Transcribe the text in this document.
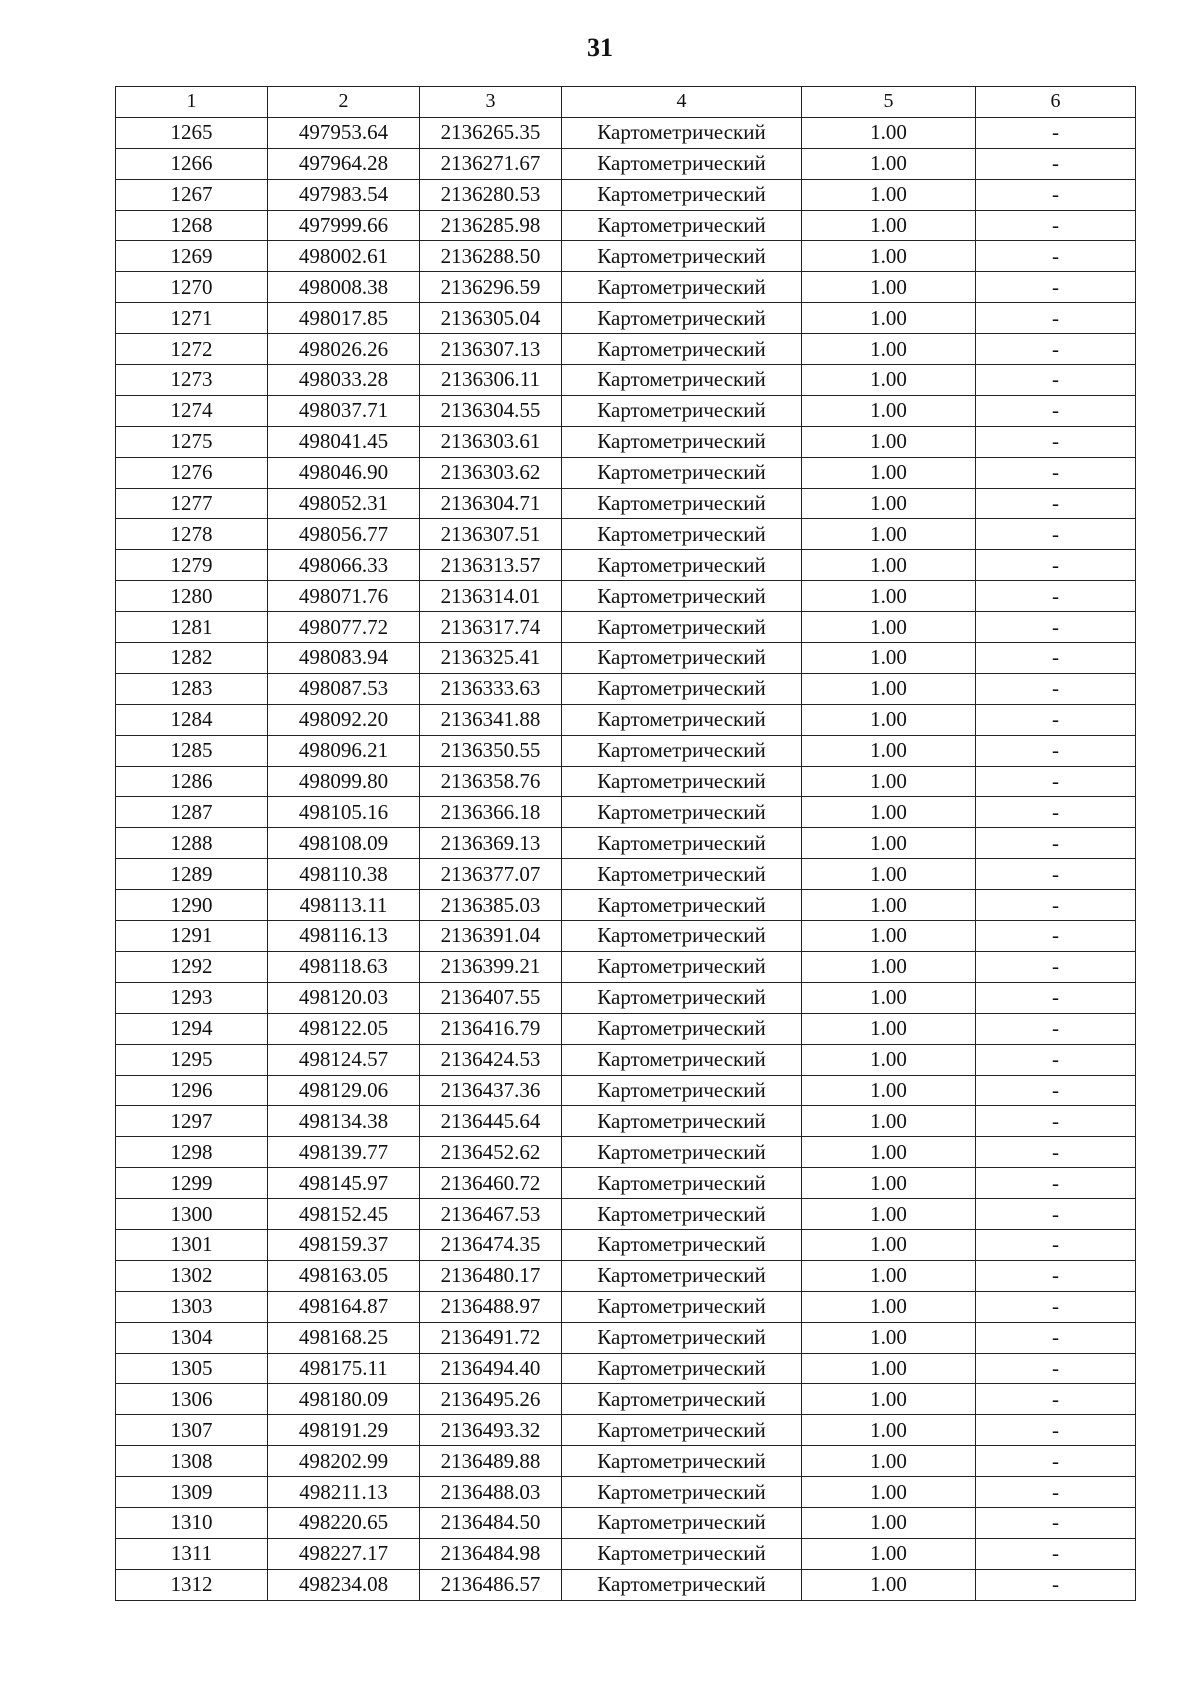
31
1	2	3	4	5	6
1265	497953.64	2136265.35	Картометрический	1.00	-
1266	497964.28	2136271.67	Картометрический	1.00	-
1267	497983.54	2136280.53	Картометрический	1.00	-
1268	497999.66	2136285.98	Картометрический	1.00	-
1269	498002.61	2136288.50	Картометрический	1.00	-
1270	498008.38	2136296.59	Картометрический	1.00	-
1271	498017.85	2136305.04	Картометрический	1.00	-
1272	498026.26	2136307.13	Картометрический	1.00	-
1273	498033.28	2136306.11	Картометрический	1.00	-
1274	498037.71	2136304.55	Картометрический	1.00	-
1275	498041.45	2136303.61	Картометрический	1.00	-
1276	498046.90	2136303.62	Картометрический	1.00	-
1277	498052.31	2136304.71	Картометрический	1.00	-
1278	498056.77	2136307.51	Картометрический	1.00	-
1279	498066.33	2136313.57	Картометрический	1.00	-
1280	498071.76	2136314.01	Картометрический	1.00	-
1281	498077.72	2136317.74	Картометрический	1.00	-
1282	498083.94	2136325.41	Картометрический	1.00	-
1283	498087.53	2136333.63	Картометрический	1.00	-
1284	498092.20	2136341.88	Картометрический	1.00	-
1285	498096.21	2136350.55	Картометрический	1.00	-
1286	498099.80	2136358.76	Картометрический	1.00	-
1287	498105.16	2136366.18	Картометрический	1.00	-
1288	498108.09	2136369.13	Картометрический	1.00	-
1289	498110.38	2136377.07	Картометрический	1.00	-
1290	498113.11	2136385.03	Картометрический	1.00	-
1291	498116.13	2136391.04	Картометрический	1.00	-
1292	498118.63	2136399.21	Картометрический	1.00	-
1293	498120.03	2136407.55	Картометрический	1.00	-
1294	498122.05	2136416.79	Картометрический	1.00	-
1295	498124.57	2136424.53	Картометрический	1.00	-
1296	498129.06	2136437.36	Картометрический	1.00	-
1297	498134.38	2136445.64	Картометрический	1.00	-
1298	498139.77	2136452.62	Картометрический	1.00	-
1299	498145.97	2136460.72	Картометрический	1.00	-
1300	498152.45	2136467.53	Картометрический	1.00	-
1301	498159.37	2136474.35	Картометрический	1.00	-
1302	498163.05	2136480.17	Картометрический	1.00	-
1303	498164.87	2136488.97	Картометрический	1.00	-
1304	498168.25	2136491.72	Картометрический	1.00	-
1305	498175.11	2136494.40	Картометрический	1.00	-
1306	498180.09	2136495.26	Картометрический	1.00	-
1307	498191.29	2136493.32	Картометрический	1.00	-
1308	498202.99	2136489.88	Картометрический	1.00	-
1309	498211.13	2136488.03	Картометрический	1.00	-
1310	498220.65	2136484.50	Картометрический	1.00	-
1311	498227.17	2136484.98	Картометрический	1.00	-
1312	498234.08	2136486.57	Картометрический	1.00	-
